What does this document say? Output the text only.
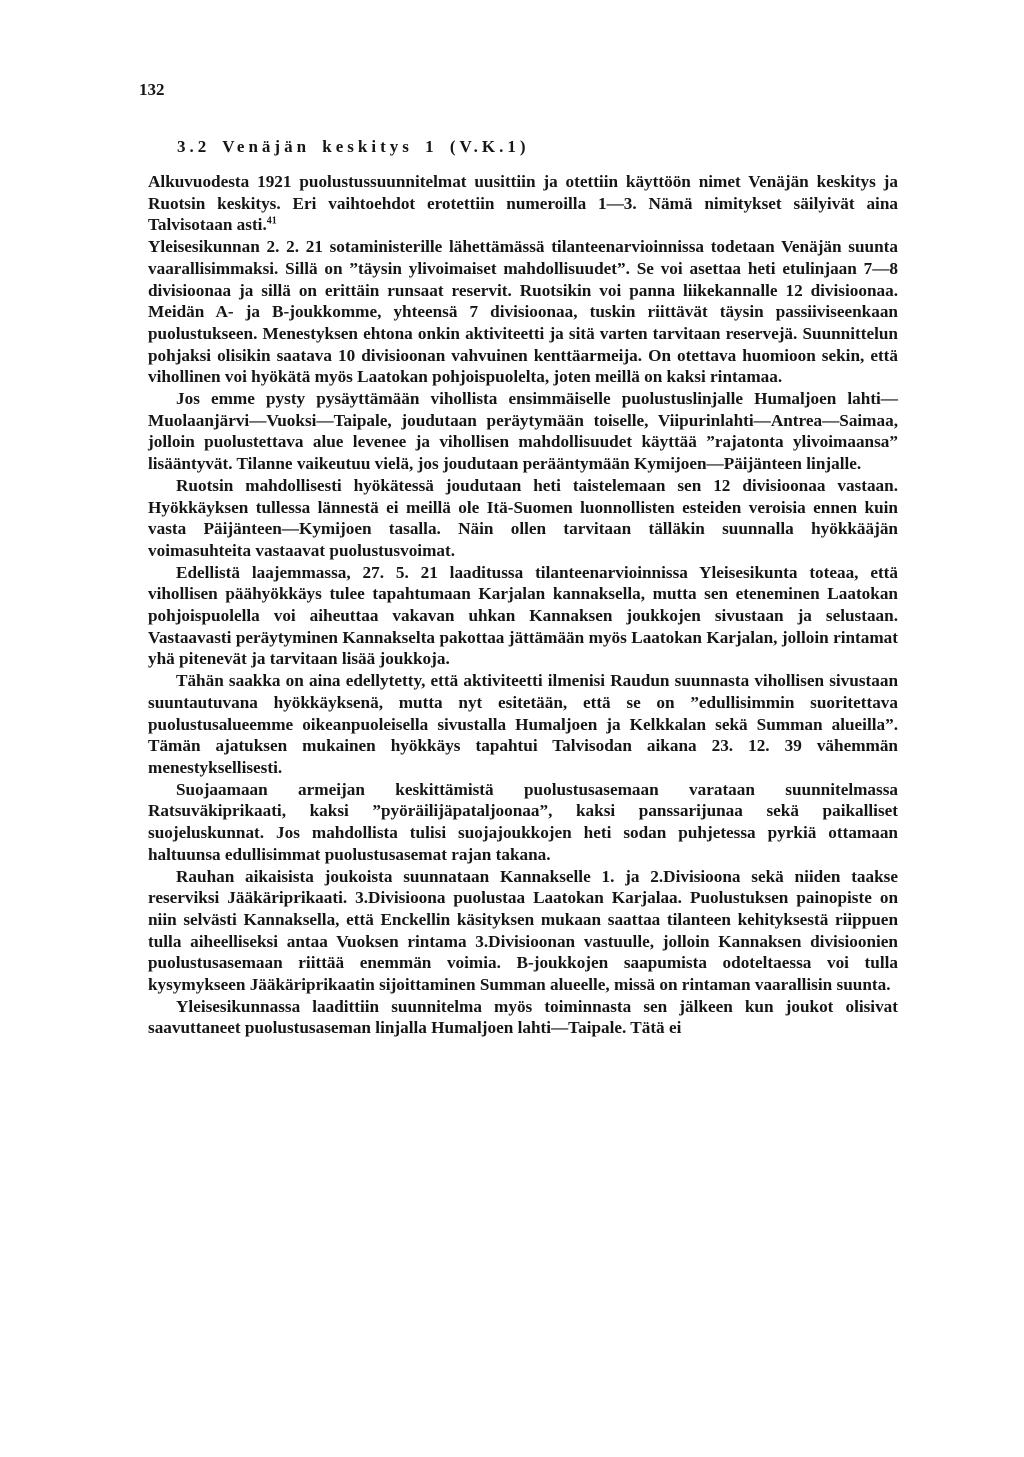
132
3.2 Venäjän keskitys 1 (V.K.1)

Alkuvuodesta 1921 puolustussuunnitelmat uusittiin ja otettiin käyttöön nimet Venäjän keskitys ja Ruotsin keskitys. Eri vaihtoehdot erotettiin numeroilla 1—3. Nämä nimitykset säilyivät aina Talvisotaan asti.$^{41}$

Yleisesikunnan 2. 2. 21 sotaministerille lähettämässä tilanteenarvioinnissa todetaan Venäjän suunta vaarallisimmaksi. Sillä on ”täysin ylivoimaiset mahdollisuudet”. Se voi asettaa heti etulinjaan 7—8 divisioonaa ja sillä on erittäin runsaat reservit. Ruotsikin voi panna liikekannalle 12 divisioonaa. Meidän A- ja B-joukkomme, yhteensä 7 divisioonaa, tuskin riittävät täysin passiiviseenkaan puolustukseen. Menestyksen ehtona onkin aktiviteetti ja sitä varten tarvitaan reservejä. Suunnittelun pohjaksi olisikin saatava 10 divisioonan vahvuinen kenttäarmeija. On otettava huomioon sekin, että vihollinen voi hyökätä myös Laatokan pohjoispuolelta, joten meillä on kaksi rintamaa.

Jos emme pysty pysäyttämään vihollista ensimmäiselle puolustuslinjalle Humaljoen lahti—Muolaanjärvi—Vuoksi—Taipale, joudutaan peräytymään toiselle, Viipurinlahti—Antrea—Saimaa, jolloin puolustettava alue levenee ja vihollisen mahdollisuudet käyttää ”rajatonta ylivoimaansa” lisääntyvät. Tilanne vaikeutuu vielä, jos joudutaan perääntymään Kymijoen—Päijänteen linjalle.

Ruotsin mahdollisesti hyökätessä joudutaan heti taistelemaan sen 12 divisioonaa vastaan. Hyökkäyksen tullessa lännestä ei meillä ole Itä-Suomen luonnollisten esteiden veroisia ennen kuin vasta Päijänteen—Kymijoen tasalla. Näin ollen tarvitaan tälläkin suunnalla hyökkääjän voimasuhteita vastaavat puolustusvoimat.

Edellistä laajemmassa, 27. 5. 21 laaditussa tilanteenarvioinnissa Yleisesikunta toteaa, että vihollisen päähyökkäys tulee tapahtumaan Karjalan kannaksella, mutta sen eteneminen Laatokan pohjoispuolella voi aiheuttaa vakavan uhkan Kannaksen joukkojen sivustaan ja selustaan. Vastaavasti peräytyminen Kannakselta pakottaa jättämään myös Laatokan Karjalan, jolloin rintamat yhä pitenevät ja tarvitaan lisää joukkoja.

Tähän saakka on aina edellytetty, että aktiviteetti ilmenisi Raudun suunnasta vihollisen sivustaan suuntautuvana hyökkäyksenä, mutta nyt esitetään, että se on ”edullisimmin suoritettava puolustusalueemme oikeanpuoleisella sivustalla Humaljoen ja Kelkkalan sekä Summan alueilla”. Tämän ajatuksen mukainen hyökkäys tapahtui Talvisodan aikana 23. 12. 39 vähemmän menestyksellisesti.

Suojaamaan armeijan keskittämistä puolustusasemaan varataan suunnitelmassa Ratsuväkiprikaati, kaksi ”pyöräilijäpataljoonaa”, kaksi panssarijunaa sekä paikalliset suojeluskunnat. Jos mahdollista tulisi suojajoukkojen heti sodan puhjetessa pyrkiä ottamaan haltuunsa edullisimmat puolustusasemat rajan takana.

Rauhan aikaisista joukoista suunnataan Kannakselle 1. ja 2.Divisioona sekä niiden taakse reserviksi Jääkäriprikaati. 3.Divisioona puolustaa Laatokan Karjalaa. Puolustuksen painopiste on niin selvästi Kannaksella, että Enckellin käsityksen mukaan saattaa tilanteen kehityksestä riippuen tulla aiheelliseksi antaa Vuoksen rintama 3.Divisioonan vastuulle, jolloin Kannaksen divisioonien puolustusasemaan riittää enemmän voimia. B-joukkojen saapumista odoteltaessa voi tulla kysymykseen Jääkäriprikaatin sijoittaminen Summan alueelle, missä on rintaman vaarallisin suunta.

Yleisesikunnassa laadittiin suunnitelma myös toiminnasta sen jälkeen kun joukot olisivat saavuttaneet puolustusaseman linjalla Humaljoen lahti—Taipale. Tätä ei
